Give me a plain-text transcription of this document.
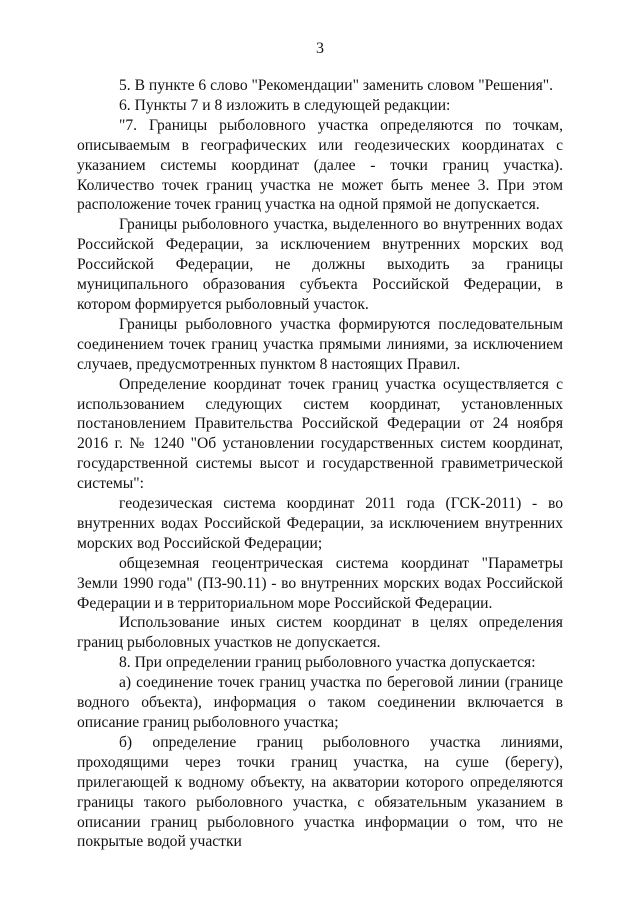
3

5. В пункте 6 слово "Рекомендации" заменить словом "Решения".

6. Пункты 7 и 8 изложить в следующей редакции:

"7. Границы рыболовного участка определяются по точкам, описываемым в географических или геодезических координатах с указанием системы координат (далее - точки границ участка). Количество точек границ участка не может быть менее 3. При этом расположение точек границ участка на одной прямой не допускается.

Границы рыболовного участка, выделенного во внутренних водах Российской Федерации, за исключением внутренних морских вод Российской Федерации, не должны выходить за границы муниципального образования субъекта Российской Федерации, в котором формируется рыболовный участок.

Границы рыболовного участка формируются последовательным соединением точек границ участка прямыми линиями, за исключением случаев, предусмотренных пунктом 8 настоящих Правил.

Определение координат точек границ участка осуществляется с использованием следующих систем координат, установленных постановлением Правительства Российской Федерации от 24 ноября 2016 г. № 1240 "Об установлении государственных систем координат, государственной системы высот и государственной гравиметрической системы":

геодезическая система координат 2011 года (ГСК-2011) - во внутренних водах Российской Федерации, за исключением внутренних морских вод Российской Федерации;

общеземная геоцентрическая система координат "Параметры Земли 1990 года" (ПЗ-90.11) - во внутренних морских водах Российской Федерации и в территориальном море Российской Федерации.

Использование иных систем координат в целях определения границ рыболовных участков не допускается.

8. При определении границ рыболовного участка допускается:

а) соединение точек границ участка по береговой линии (границе водного объекта), информация о таком соединении включается в описание границ рыболовного участка;

б) определение границ рыболовного участка линиями, проходящими через точки границ участка, на суше (берегу), прилегающей к водному объекту, на акватории которого определяются границы такого рыболовного участка, с обязательным указанием в описании границ рыболовного участка информации о том, что не покрытые водой участки
